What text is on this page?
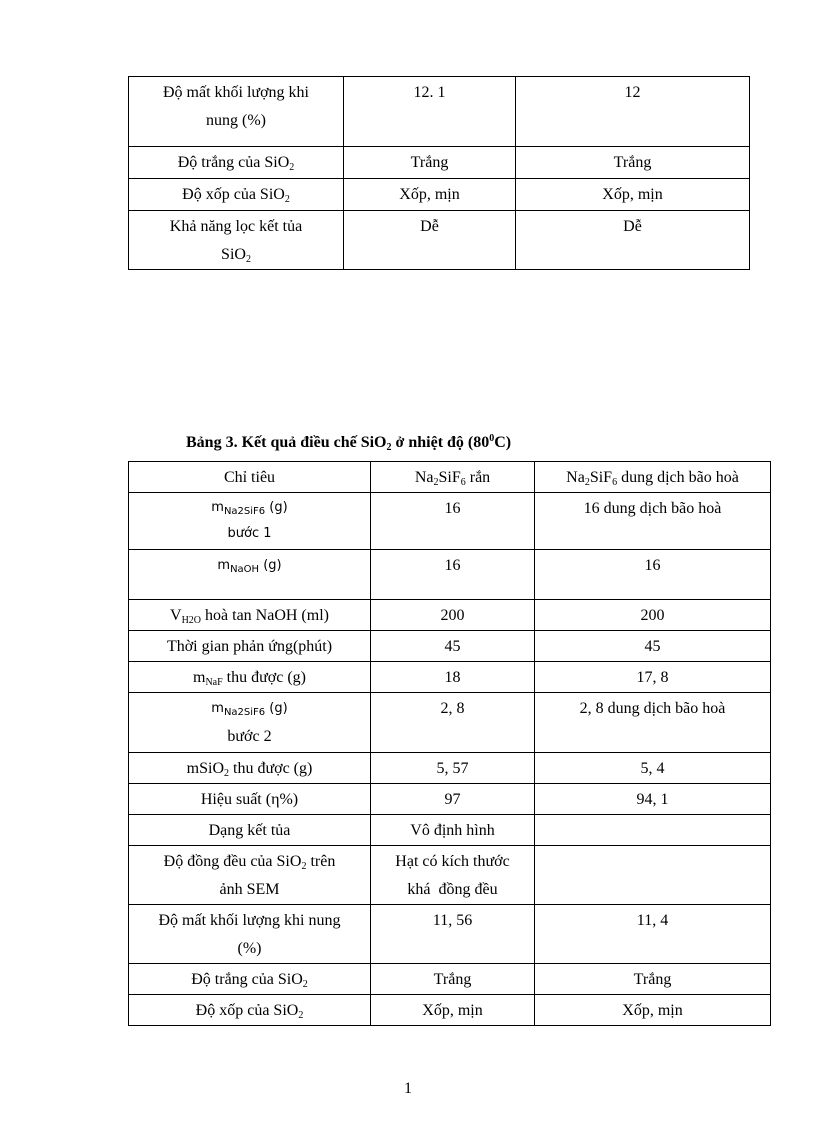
Độ mất khối lượng khi
nung (%)	12. 1	12
Độ trắng của SiO$_2$	Trắng	Trắng
Độ xốp của SiO$_2$	Xốp, mịn	Xốp, mịn

Khả năng lọc kết tủa
SiO$_2$	Dễ	Dễ
Bảng 3. Kết quả điều chế SiO$_2$ ở nhiệt độ $(80^0C)$
Chỉ tiêu	$Na_2SiF_6$ rắn	$Na_2SiF_6$ dung dịch bão hoà

$m_{Na2SiF6}$ (g)
bước 1	16	16 dung dịch bão hoà
$m_{NaOH}$ (g)	16	16
$V_{H2O}$ hoà tan NaOH (ml)	200	200
Thời gian phản ứng(phút)	45	45
$m_{NaF}$ thu được (g)	18	17, 8

$m_{Na2SiF6}$ (g)
bước 2	2, 8	2, 8 dung dịch bão hoà
mSiO$_2$ thu được (g)	5, 57	5, 4
Hiệu suất (η%)	97	94, 1
Dạng kết tủa	Vô định hình	

Độ đồng đều của SiO$_2$ trên
ảnh SEM	Hạt có kích thước
khá  đồng đều	

Độ mất khối lượng khi nung
(%)	11, 56	11, 4
Độ trắng của SiO$_2$	Trắng	Trắng
Độ xốp của SiO$_2$	Xốp, mịn	Xốp, mịn
1
